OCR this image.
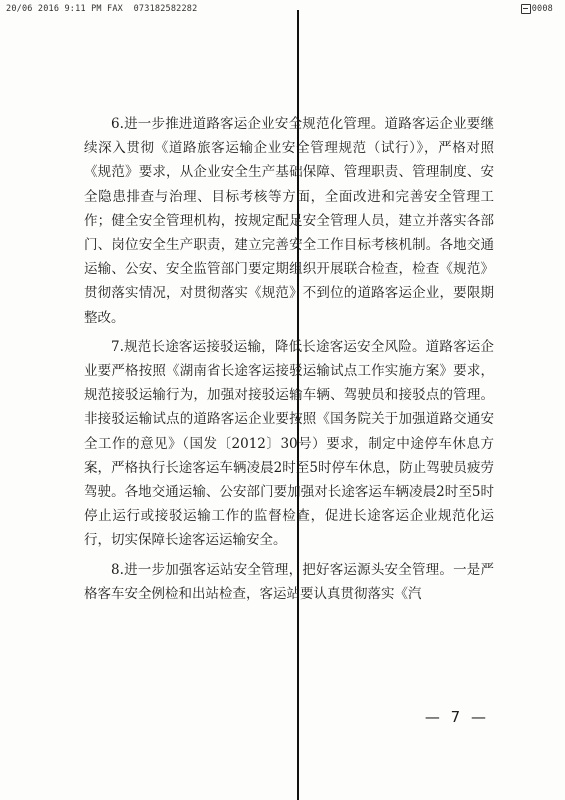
20/06 2016 9:11 PM FAX  073182582282	0008

6.进一步推进道路客运企业安全规范化管理。道路客运企业要继续深入贯彻《道路旅客运输企业安全管理规范（试行）》，严格对照《规范》要求，从企业安全生产基础保障、管理职责、管理制度、安全隐患排查与治理、目标考核等方面，全面改进和完善安全管理工作；健全安全管理机构，按规定配足安全管理人员，建立并落实各部门、岗位安全生产职责，建立完善安全工作目标考核机制。各地交通运输、公安、安全监管部门要定期组织开展联合检查，检查《规范》贯彻落实情况，对贯彻落实《规范》不到位的道路客运企业，要限期整改。

7.规范长途客运接驳运输，降低长途客运安全风险。道路客运企业要严格按照《湖南省长途客运接驳运输试点工作实施方案》要求，规范接驳运输行为，加强对接驳运输车辆、驾驶员和接驳点的管理。非接驳运输试点的道路客运企业要按照《国务院关于加强道路交通安全工作的意见》（国发〔2012〕30号）要求，制定中途停车休息方案，严格执行长途客运车辆凌晨2时至5时停车休息，防止驾驶员疲劳驾驶。各地交通运输、公安部门要加强对长途客运车辆凌晨2时至5时停止运行或接驳运输工作的监督检查，促进长途客运企业规范化运行，切实保障长途客运运输安全。

8.进一步加强客运站安全管理，把好客运源头安全管理。一是严格客车安全例检和出站检查，客运站要认真贯彻落实《汽

— 7 —
